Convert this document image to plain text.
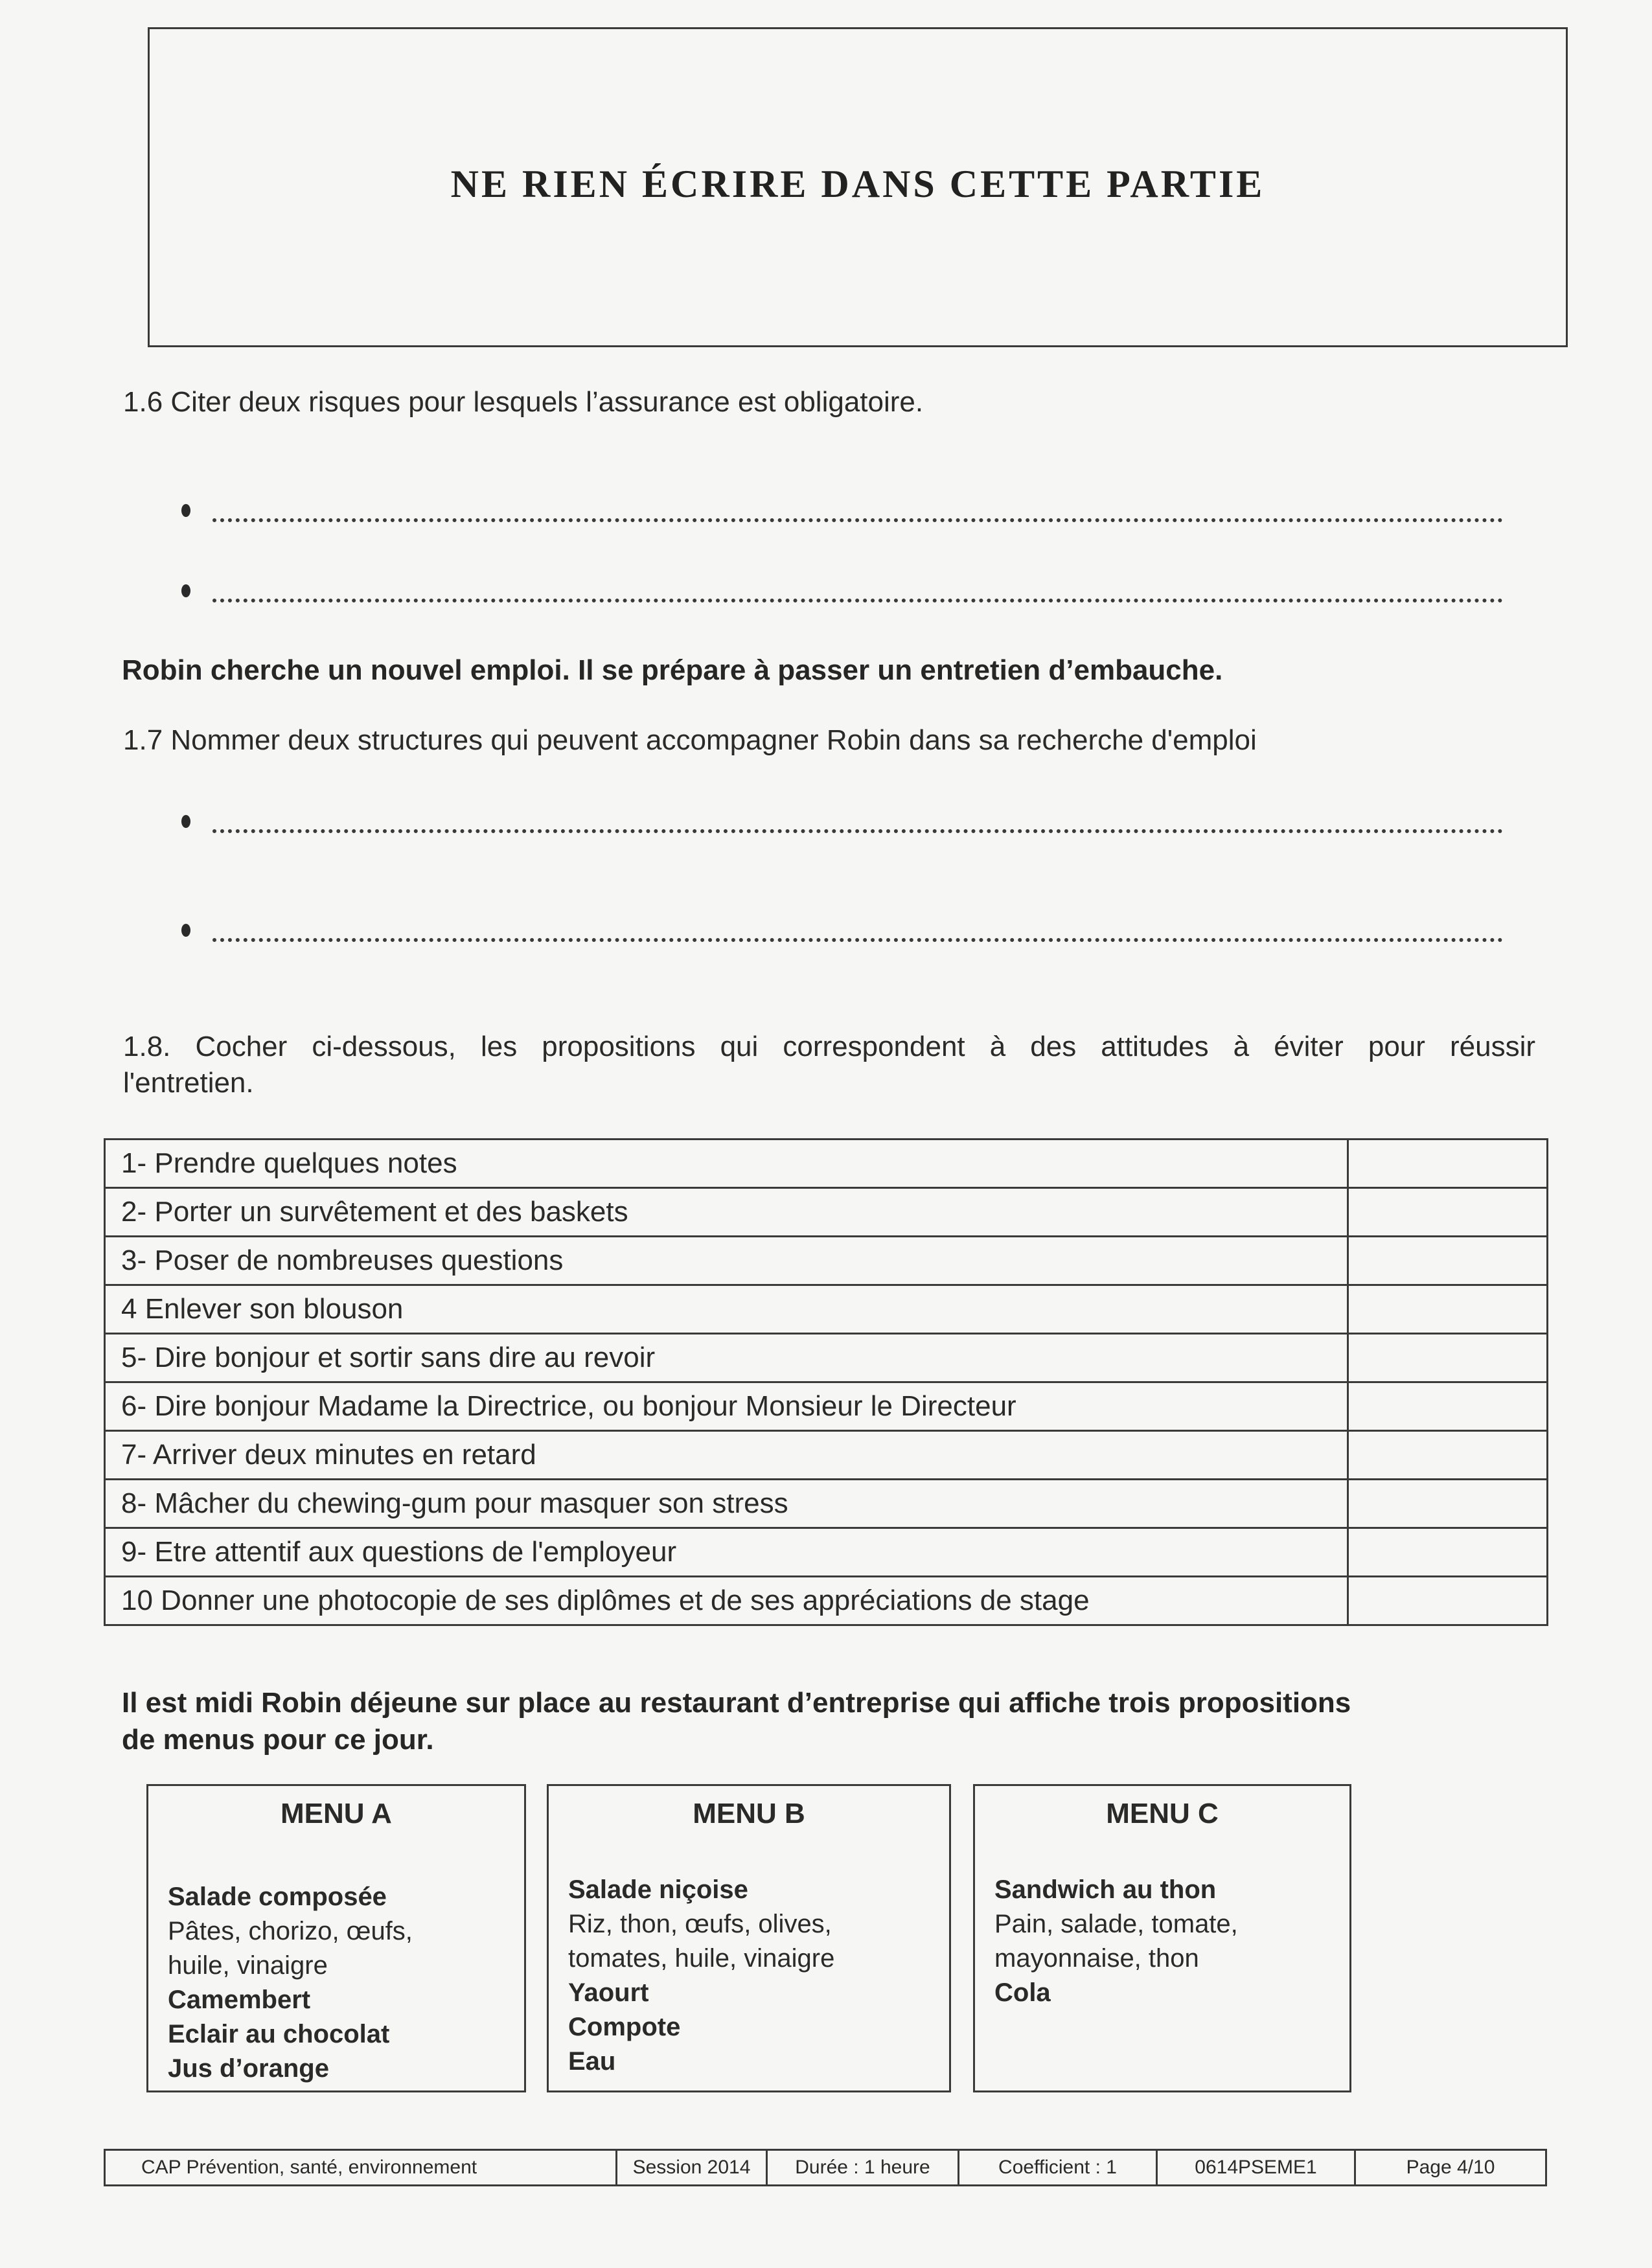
NE RIEN ÉCRIRE DANS CETTE PARTIE
1.6 Citer deux risques pour lesquels l’assurance est obligatoire.
Robin cherche un nouvel emploi. Il se prépare à passer un entretien d’embauche.
1.7 Nommer deux structures qui peuvent accompagner Robin dans sa recherche d'emploi
1.8. Cocher ci-dessous, les propositions qui correspondent à des attitudes à éviter pour réussir
l'entretien.
1- Prendre quelques notes	
2- Porter un survêtement et des baskets	
3- Poser de nombreuses questions	
4 Enlever son blouson	
5- Dire bonjour et sortir sans dire au revoir	
6- Dire bonjour Madame la Directrice, ou bonjour Monsieur le Directeur	
7- Arriver deux minutes en retard	
8- Mâcher du chewing-gum pour masquer son stress	
9- Etre attentif aux questions de l'employeur	
10 Donner une photocopie de ses diplômes et de ses appréciations de stage	
Il est midi Robin déjeune sur place au restaurant d’entreprise qui affiche trois propositions
de menus pour ce jour.
MENU A
Salade composée
Pâtes, chorizo, œufs,
huile, vinaigre
Camembert
Eclair au chocolat
Jus d’orange
MENU B
Salade niçoise
Riz, thon, œufs, olives,
tomates, huile, vinaigre
Yaourt
Compote
Eau
MENU C
Sandwich au thon
Pain, salade, tomate,
mayonnaise, thon
Cola
CAP Prévention, santé, environnement	Session 2014	Durée : 1 heure	Coefficient : 1	0614PSEME1	Page 4/10
